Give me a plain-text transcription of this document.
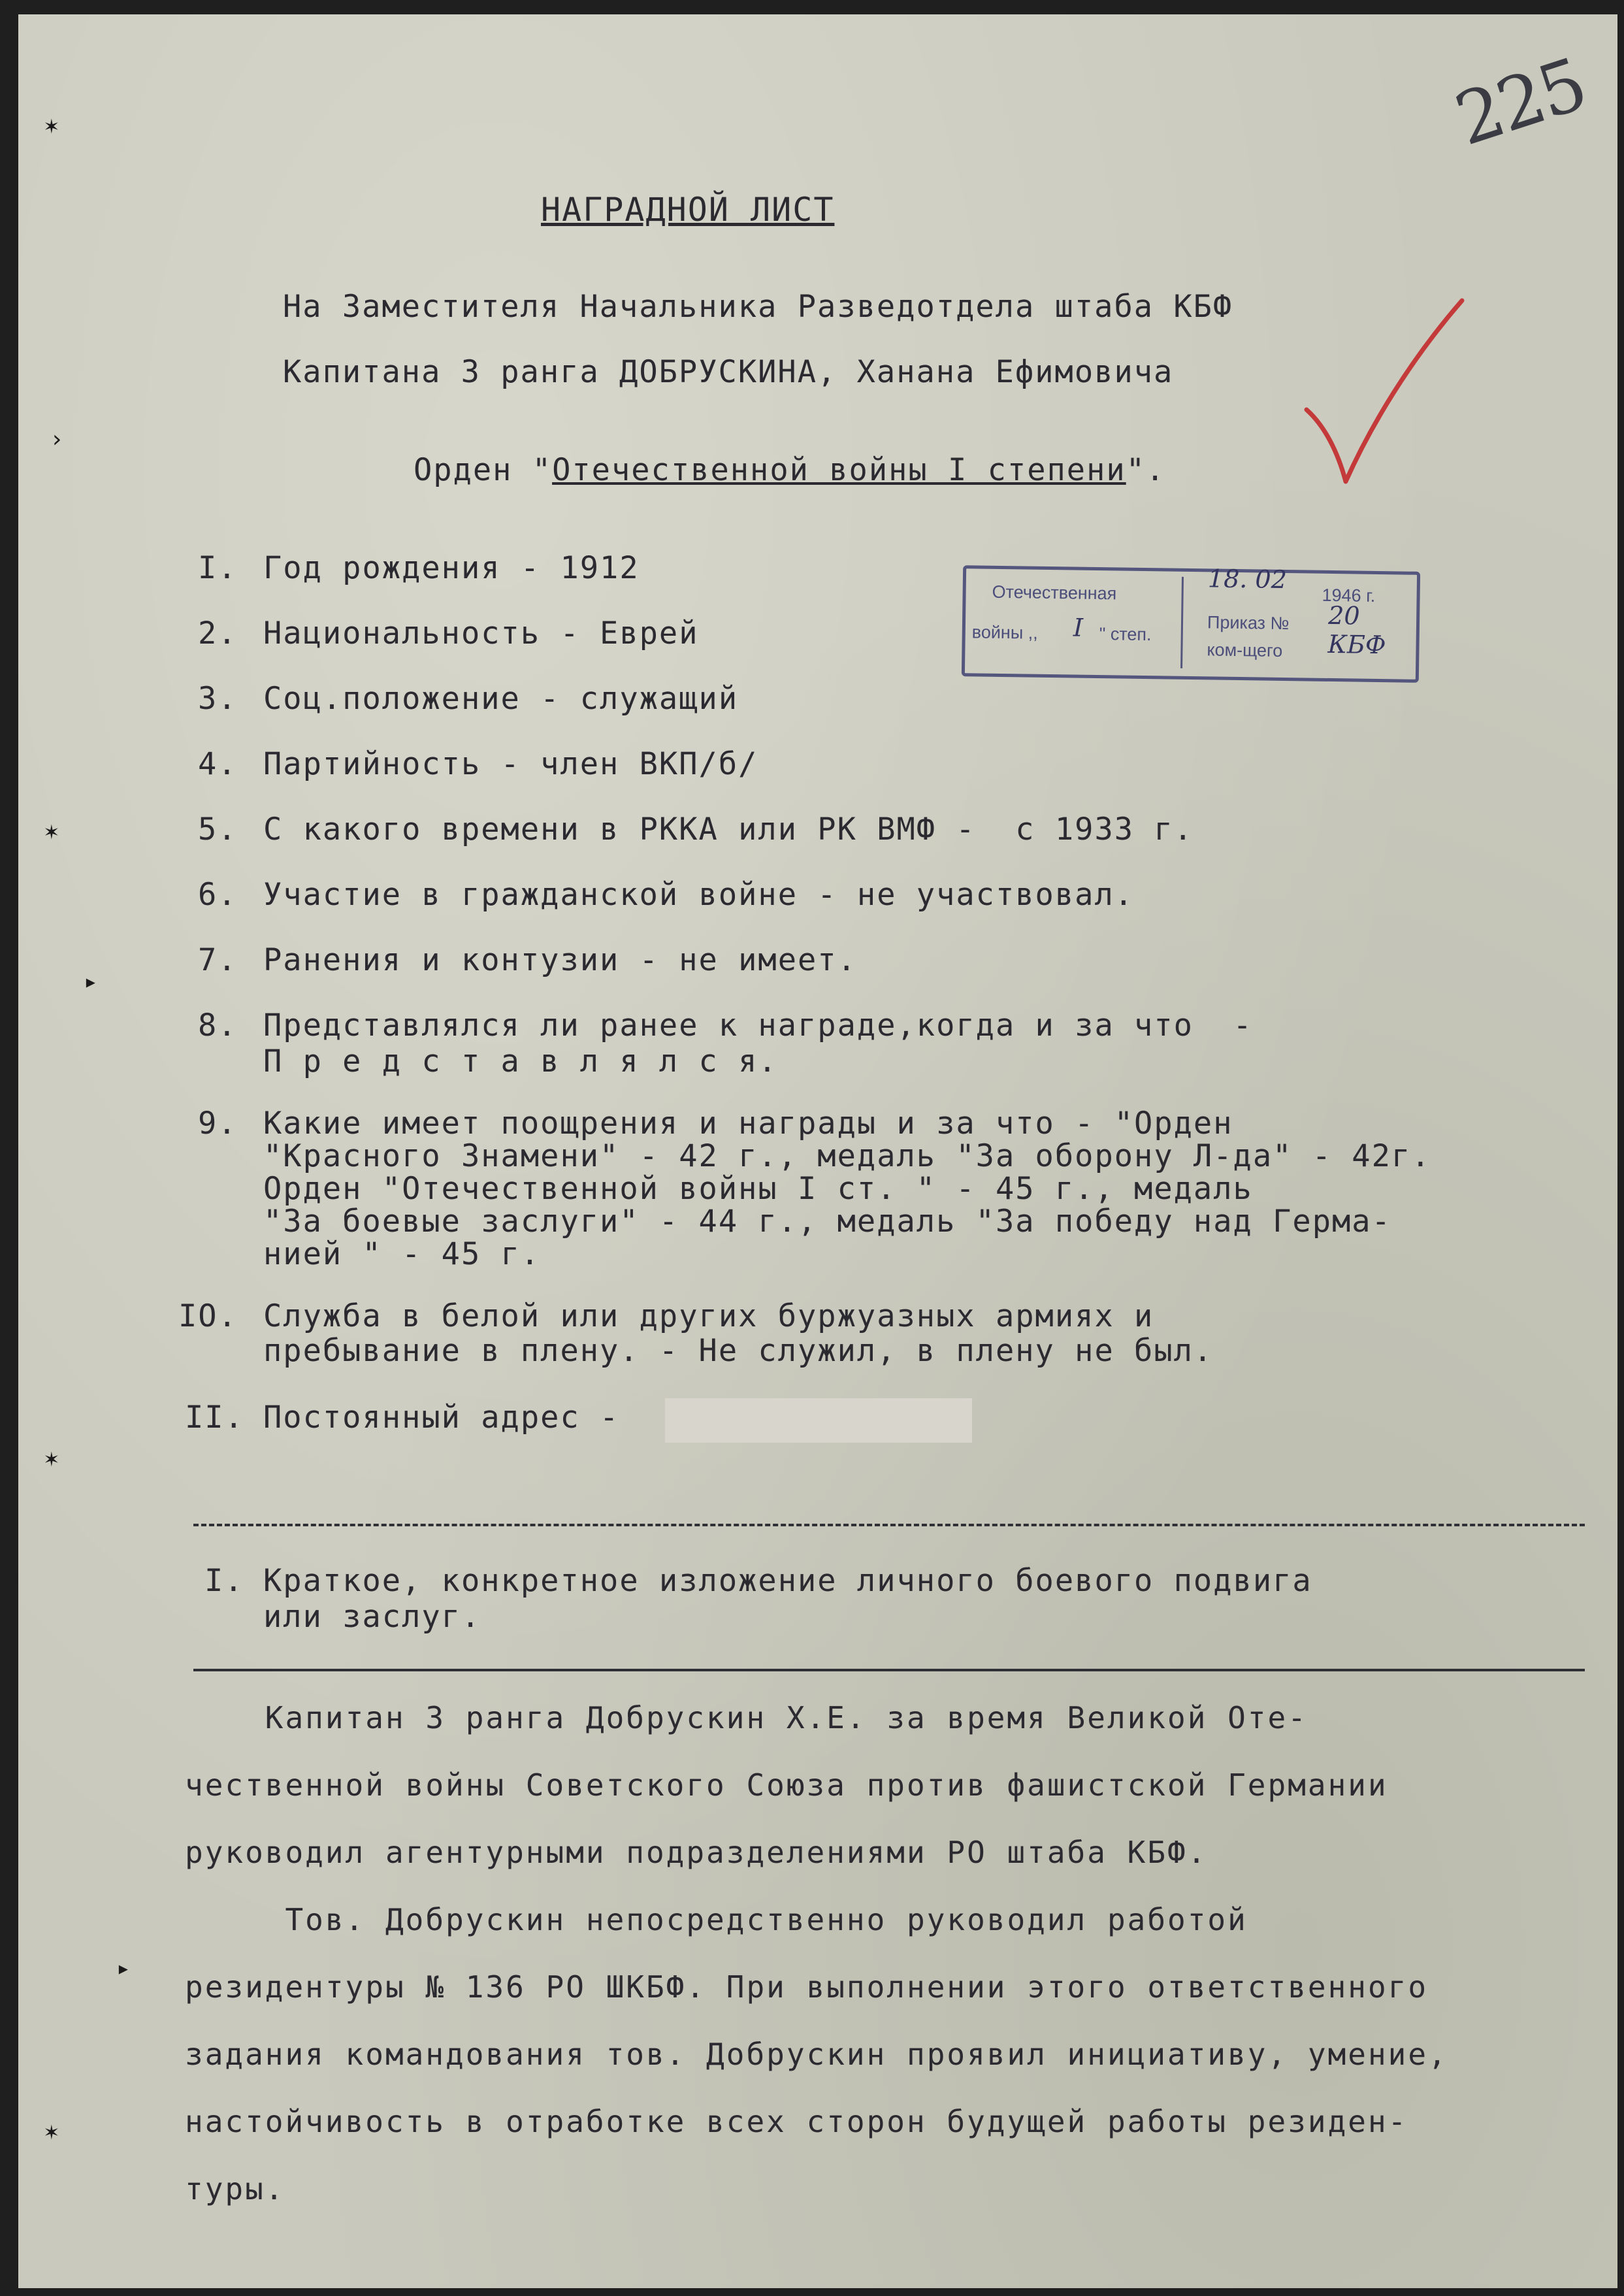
225
НАГРАДНОЙ ЛИСТ
На Заместителя Начальника Разведотдела штаба КБФ
Капитана 3 ранга ДОБРУСКИНА, Ханана Ефимовича
Орден "Отечественной войны I степени".
Отечественная
войны ,, I " степ.
18. 02
1946 г.
Приказ № 20
ком-щего КБФ
I. Год рождения - 1912
2. Национальность - Еврей
3. Соц.положение - служащий
4. Партийность - член ВКП/б/
5. С какого времени в РККА или РК ВМФ -  с 1933 г.
6. Участие в гражданской войне - не участвовал.
7. Ранения и контузии - не имеет.
8. Представлялся ли ранее к награде,когда и за что  -
П р е д с т а в л я л с я.
9. Какие имеет поощрения и награды и за что - "Орден
"Красного Знамени" - 42 г., медаль "За оборону Л-да" - 42г.
Орден "Отечественной войны I ст. " - 45 г., медаль
"За боевые заслуги" - 44 г., медаль "За победу над Герма-
нией " - 45 г.
IO. Служба в белой или других буржуазных армиях и
пребывание в плену. - Не служил, в плену не был.
II. Постоянный адрес -
I. Краткое, конкретное изложение личного боевого подвига
или заслуг.
Капитан 3 ранга Добрускин Х.Е. за время Великой Оте-
чественной войны Советского Союза против фашистской Германии
руководил агентурными подразделениями РО штаба КБФ.
Тов. Добрускин непосредственно руководил работой
резидентуры № 136 РО ШКБФ. При выполнении этого ответственного
задания командования тов. Добрускин проявил инициативу, умение,
настойчивость в отработке всех сторон будущей работы резиден-
туры.
✶
›
✶
▸
✶
▸
✶
